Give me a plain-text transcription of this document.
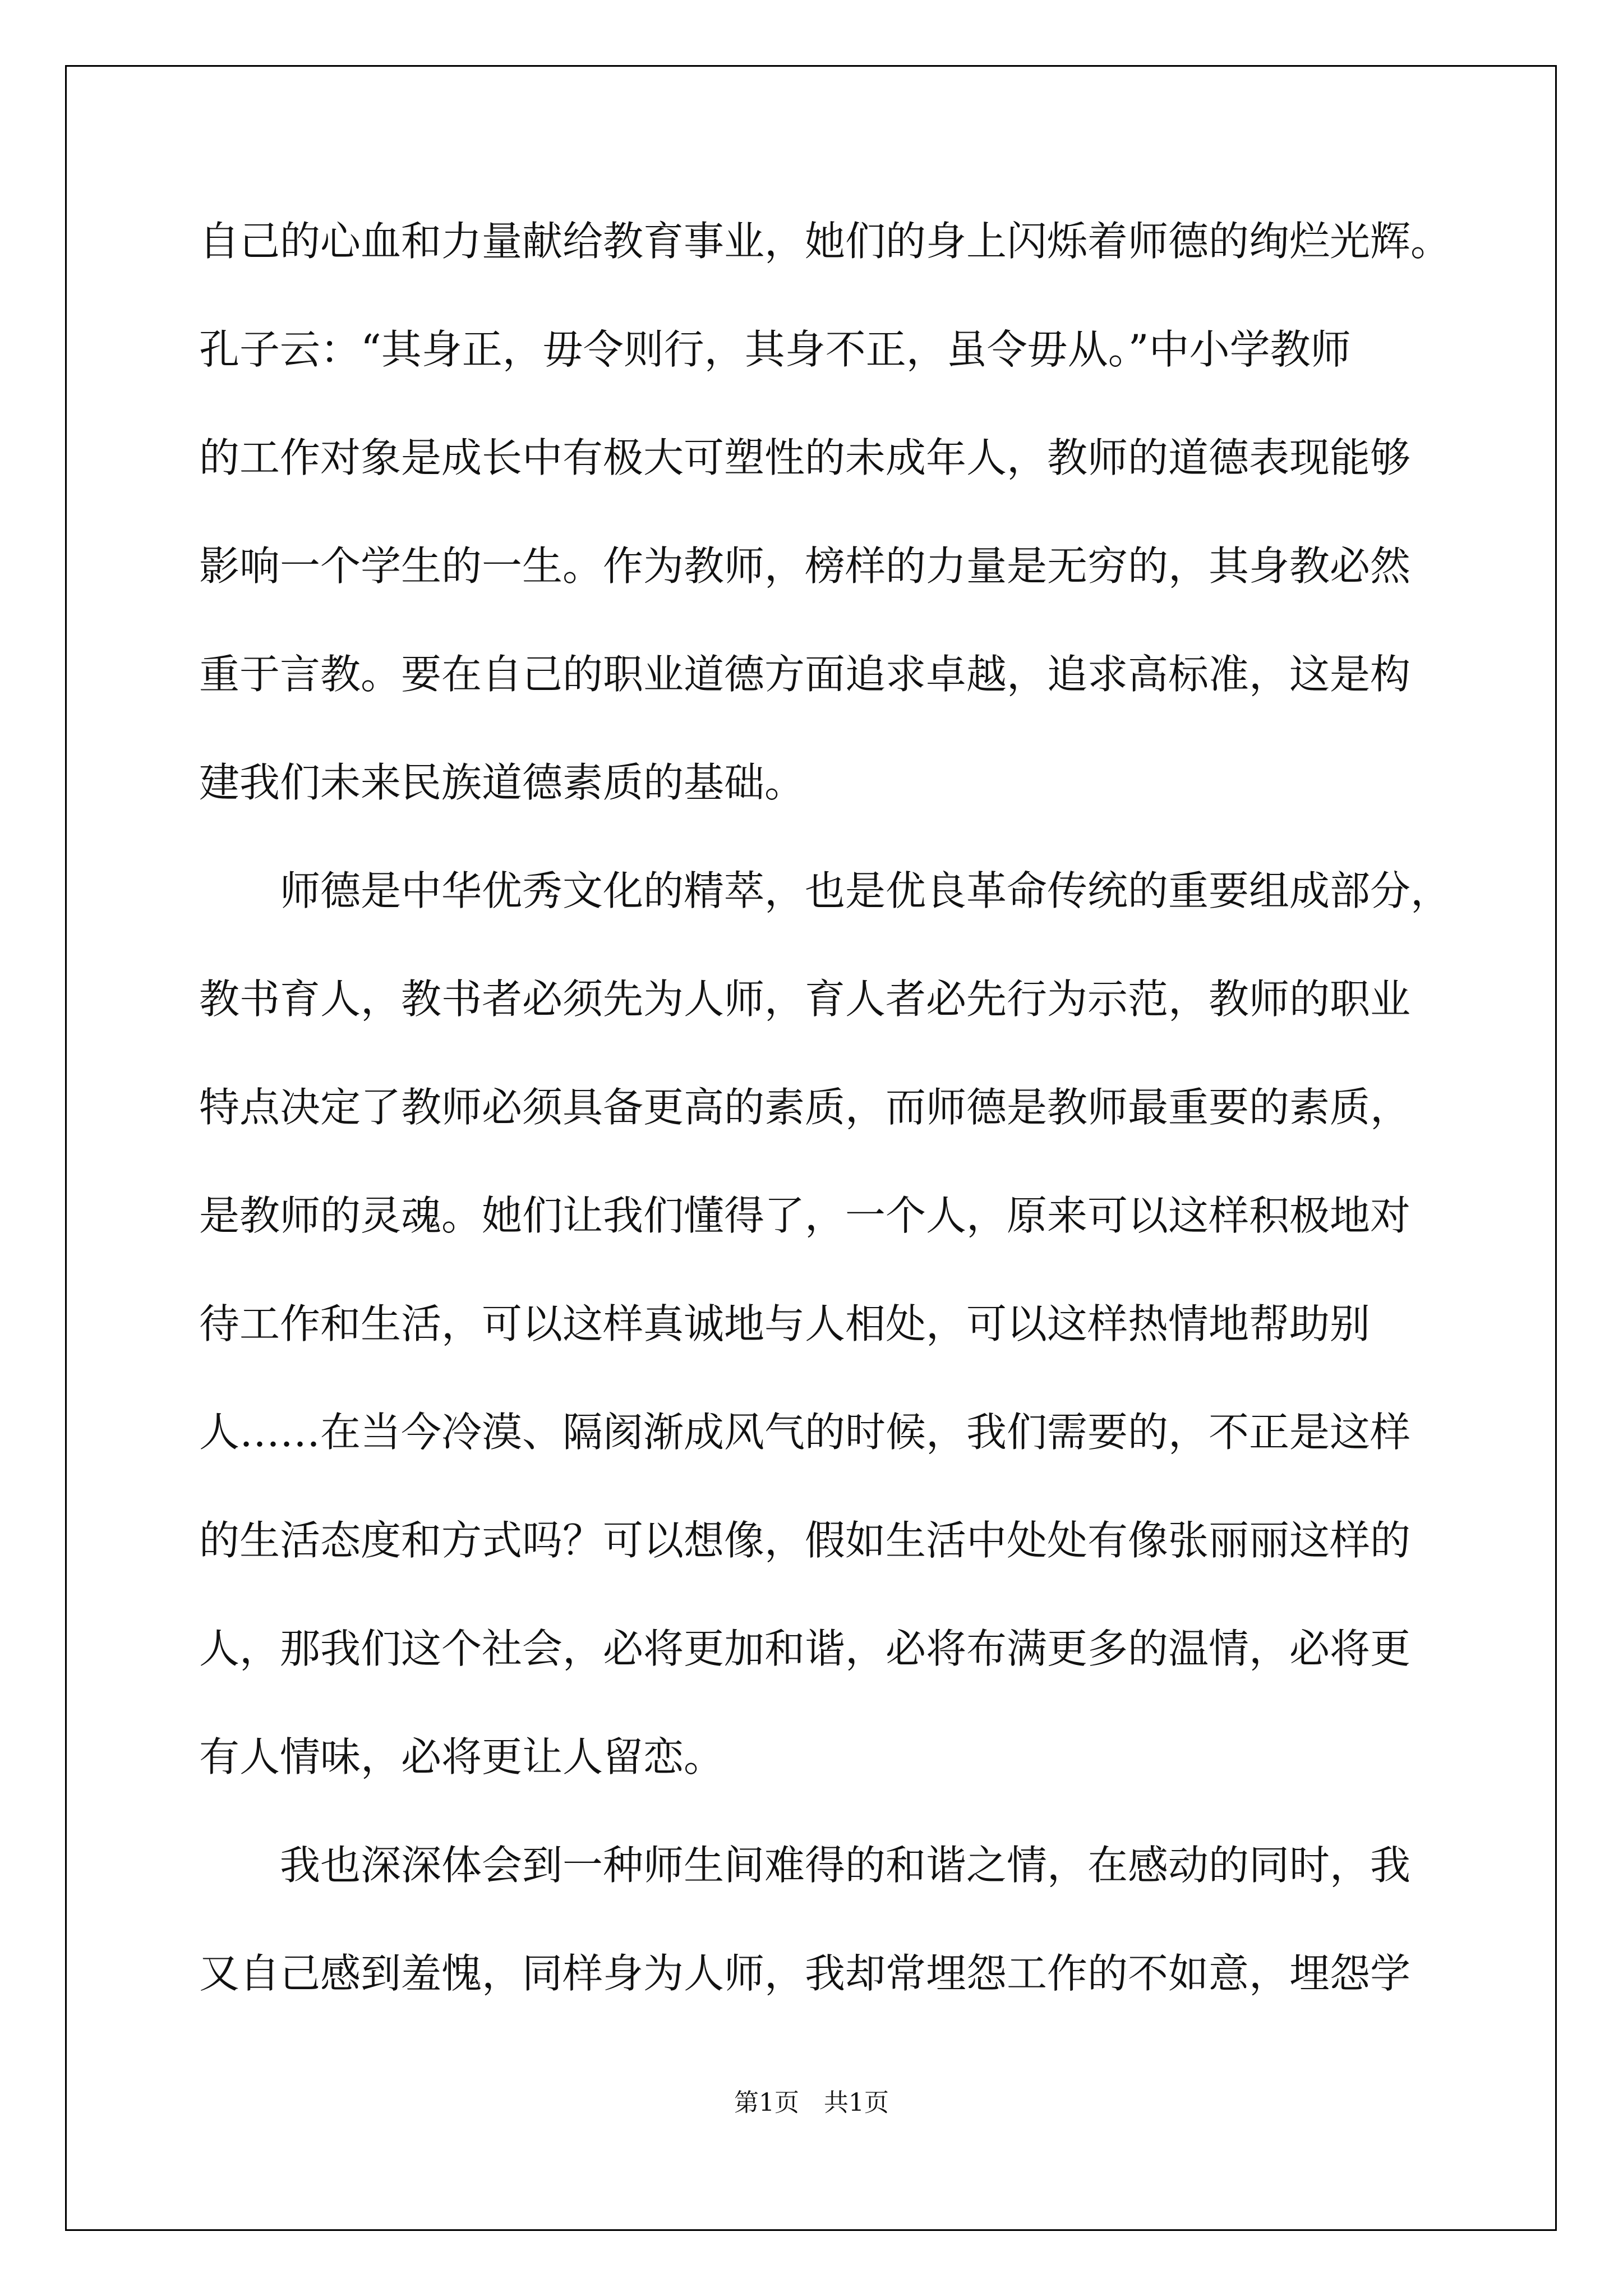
自己的心血和力量献给教育事业，她们的身上闪烁着师德的绚烂光辉。
孔子云：“其身正，毋令则行，其身不正，虽令毋从。”中小学教师
的工作对象是成长中有极大可塑性的未成年人，教师的道德表现能够
影响一个学生的一生。作为教师，榜样的力量是无穷的，其身教必然
重于言教。要在自己的职业道德方面追求卓越，追求高标准，这是构
建我们未来民族道德素质的基础。
　　师德是中华优秀文化的精萃，也是优良革命传统的重要组成部分，
教书育人，教书者必须先为人师，育人者必先行为示范，教师的职业
特点决定了教师必须具备更高的素质，而师德是教师最重要的素质，
是教师的灵魂。她们让我们懂得了，一个人，原来可以这样积极地对
待工作和生活，可以这样真诚地与人相处，可以这样热情地帮助别
人……在当今冷漠、隔阂渐成风气的时候，我们需要的，不正是这样
的生活态度和方式吗？可以想像，假如生活中处处有像张丽丽这样的
人，那我们这个社会，必将更加和谐，必将布满更多的温情，必将更
有人情味，必将更让人留恋。
　　我也深深体会到一种师生间难得的和谐之情，在感动的同时，我
又自己感到羞愧，同样身为人师，我却常埋怨工作的不如意，埋怨学
第1页　共1页
